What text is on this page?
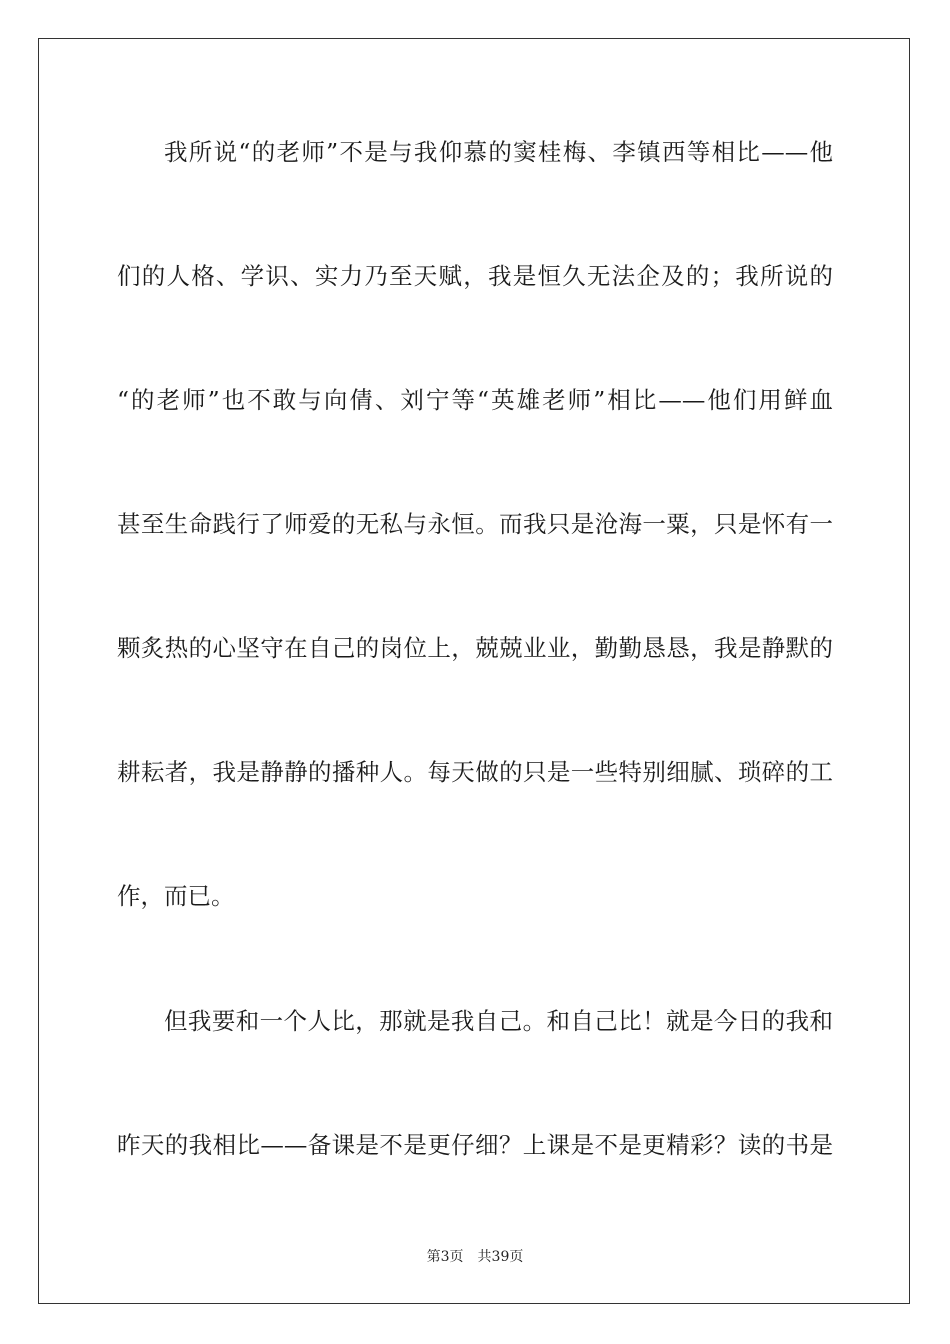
我所说“的老师”不是与我仰慕的窦桂梅、李镇西等相比——他
们的人格、学识、实力乃至天赋，我是恒久无法企及的；我所说的
“的老师”也不敢与向倩、刘宁等“英雄老师”相比——他们用鲜血
甚至生命践行了师爱的无私与永恒。而我只是沧海一粟，只是怀有一
颗炙热的心坚守在自己的岗位上，兢兢业业，勤勤恳恳，我是静默的
耕耘者，我是静静的播种人。每天做的只是一些特别细腻、琐碎的工
作，而已。
但我要和一个人比，那就是我自己。和自己比！就是今日的我和
昨天的我相比——备课是不是更仔细？上课是不是更精彩？读的书是
第3页 共39页
